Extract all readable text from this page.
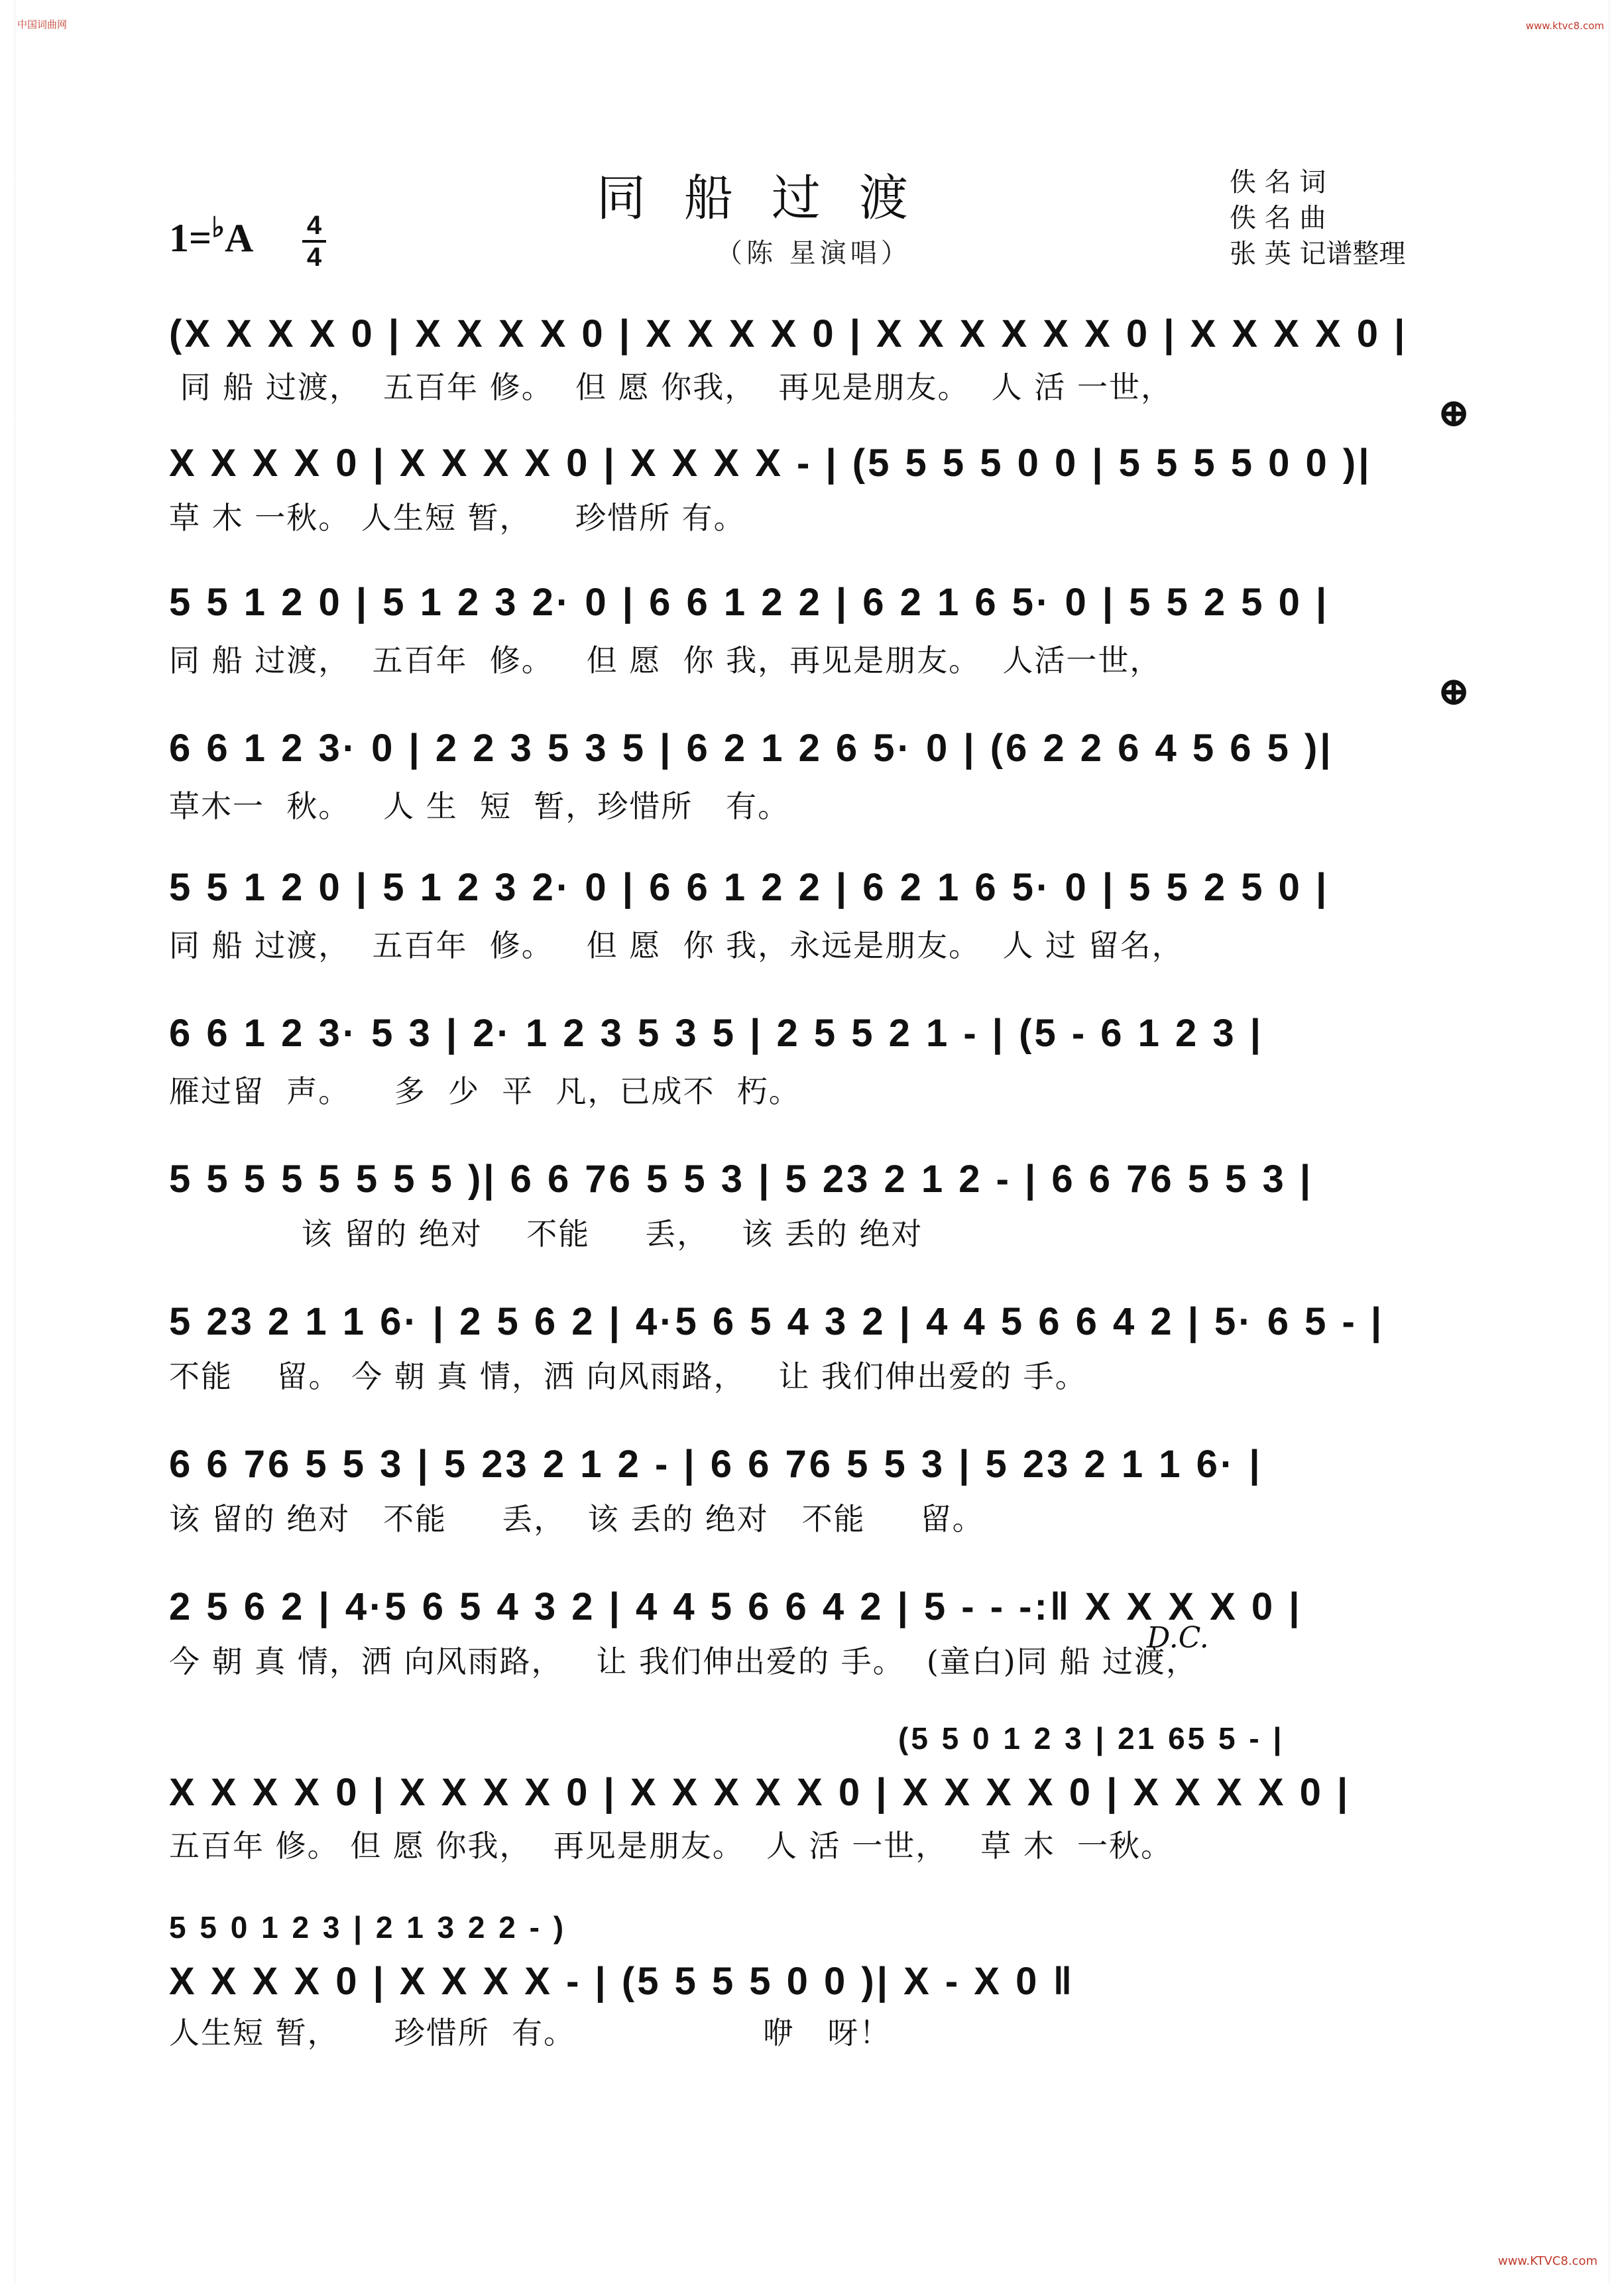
中国词曲网	www.ktvc8.com
同船过渡
（陈 星演唱）
佚 名 词
佚 名 曲
张 英 记谱整理
1=♭A 4
4
(X X X X 0 | X X X X 0 | X X X X 0 | X X X X X X 0 | X X X X 0 |
同 船 过渡，  五百年 修。  但 愿 你我，  再见是朋友。  人 活 一世，
⊕
X X X X 0 | X X X X 0 | X X X X - | (5 5 5 5 0 0 | 5 5 5 5 0 0 )|
草 木 一秋。 人生短 暂，    珍惜所 有。
5 5 1 2 0 | 5 1 2 3 2· 0 | 6 6 1 2 2 | 6 2 1 6 5· 0 | 5 5 2 5 0 |
同 船 过渡，  五百年  修。   但 愿  你 我，再见是朋友。  人活一世，
⊕
6 6 1 2 3· 0 | 2 2 3 5 3 5 | 6 2 1 2 6 5· 0 | (6 2 2 6 4 5 6 5 )|
草木一  秋。   人 生  短  暂，珍惜所   有。
5 5 1 2 0 | 5 1 2 3 2· 0 | 6 6 1 2 2 | 6 2 1 6 5· 0 | 5 5 2 5 0 |
同 船 过渡，  五百年  修。   但 愿  你 我，永远是朋友。  人 过 留名，
6 6 1 2 3· 5 3 | 2· 1 2 3 5 3 5 | 2 5 5 2 1 - | (5 - 6 1 2 3 |
雁过留  声。    多  少  平  凡，已成不  朽。
5 5 5 5 5 5 5 5 )| 6 6 76 5 5 3 | 5 23 2 1 2 - | 6 6 76 5 5 3 |
该 留的 绝对    不能     丢，   该 丢的 绝对
5 23 2 1 1 6· | 2 5 6 2 | 4·5 6 5 4 3 2 | 4 4 5 6 6 4 2 | 5· 6 5 - |
不能    留。 今 朝 真 情，洒 向风雨路，   让 我们伸出爱的 手。
6 6 76 5 5 3 | 5 23 2 1 2 - | 6 6 76 5 5 3 | 5 23 2 1 1 6· |
该 留的 绝对   不能     丢，  该 丢的 绝对   不能     留。
2 5 6 2 | 4·5 6 5 4 3 2 | 4 4 5 6 6 4 2 | 5 - - -:‖ X X X X 0 |
今 朝 真 情，洒 向风雨路，   让 我们伸出爱的 手。  (童白)同 船 过渡，
D.C.
(5 5 0 1 2 3 | 21 65 5 - |
X X X X 0 | X X X X 0 | X X X X X 0 | X X X X 0 | X X X X 0 |
五百年 修。 但 愿 你我，  再见是朋友。  人 活 一世，   草 木  一秋。
5 5 0 1 2 3 | 2 1 3 2 2 - )
X X X X 0 | X X X X - | (5 5 5 5 0 0 )| X - X 0 ‖
人生短 暂，     珍惜所  有。                 咿   呀！
www.KTVC8.com
